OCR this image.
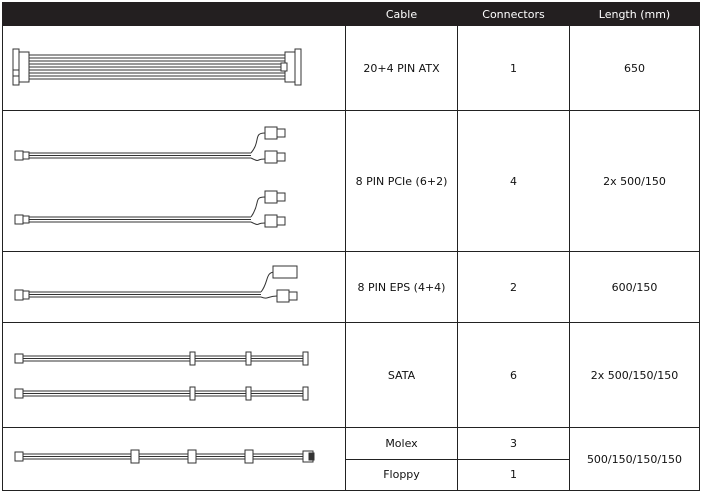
	Cable	Connectors	Length (mm)

	20+4 PIN ATX	1	650

	8 PIN PCIe (6+2)	4	2x 500/150

	8 PIN EPS (4+4)	2	600/150

	SATA	6	2x 500/150/150

	Molex	3	500/150/150/150
	Floppy	1	
